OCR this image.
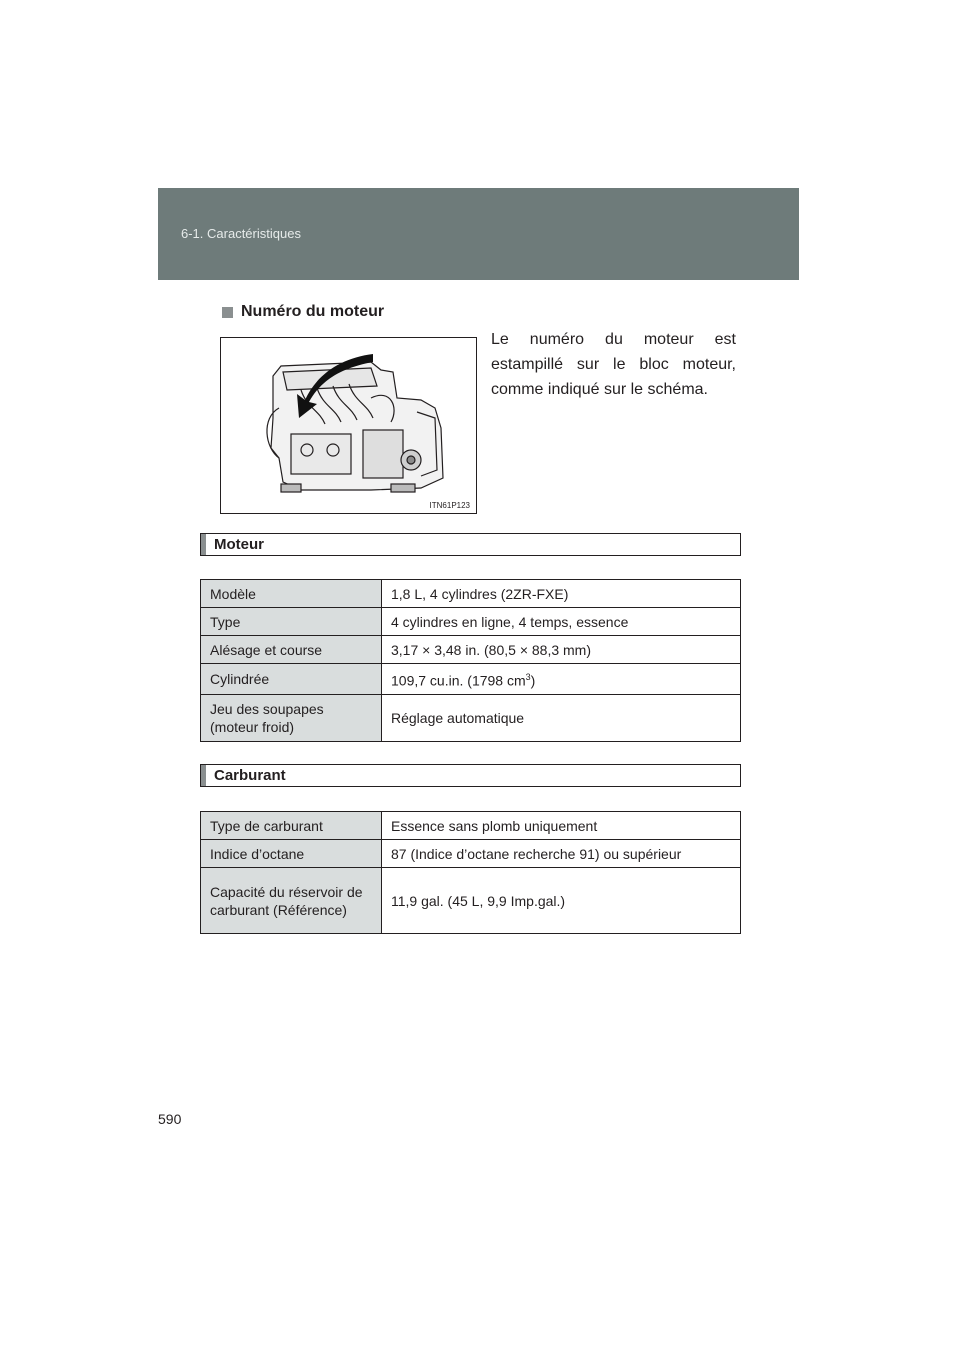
6-1. Caractéristiques
Numéro du moteur
ITN61P123
Le numéro du moteur est estampillé sur le bloc moteur, comme indiqué sur le schéma.
Moteur
Modèle	1,8 L, 4 cylindres (2ZR-FXE)
Type	4 cylindres en ligne, 4 temps, essence
Alésage et course	3,17 × 3,48 in. (80,5 × 88,3 mm)
Cylindrée	109,7 cu.in. (1798 $cm^3$)
Jeu des soupapes (moteur froid)	Réglage automatique
Carburant
Type de carburant	Essence sans plomb uniquement
Indice d’octane	87 (Indice d’octane recherche 91) ou supérieur
Capacité du réservoir de carburant (Référence)	11,9 gal. (45 L, 9,9 Imp.gal.)
590
